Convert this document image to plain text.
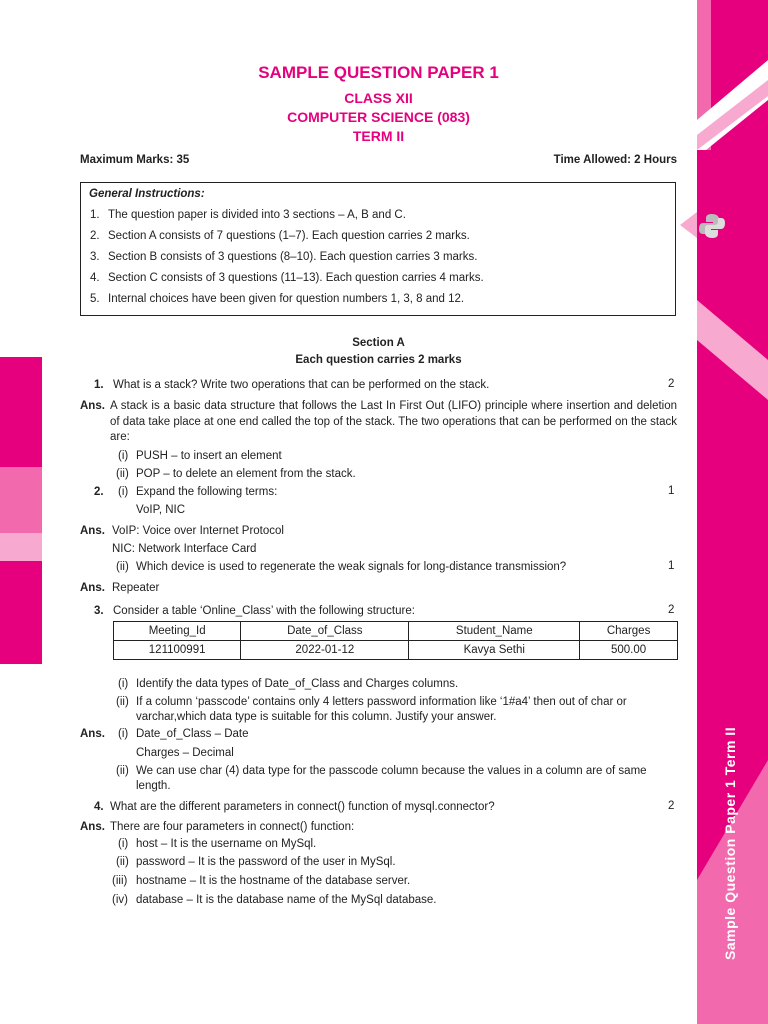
Sample Question Paper 1 Term II
A.1
SAMPLE QUESTION PAPER 1
CLASS XII
COMPUTER SCIENCE (083)
TERM II
Maximum Marks: 35	Time Allowed: 2 Hours
General Instructions:
1. The question paper is divided into 3 sections – A, B and C.
2. Section A consists of 7 questions (1–7). Each question carries 2 marks.
3. Section B consists of 3 questions (8–10). Each question carries 3 marks.
4. Section C consists of 3 questions (11–13). Each question carries 4 marks.
5. Internal choices have been given for question numbers 1, 3, 8 and 12.
Section A
Each question carries 2 marks
1. What is a stack? Write two operations that can be performed on the stack.	2
Ans. A stack is a basic data structure that follows the Last In First Out (LIFO) principle where insertion and deletion of data take place at one end called the top of the stack. The two operations that can be performed on the stack are:
(i) PUSH – to insert an element
(ii) POP – to delete an element from the stack.
2. (i) Expand the following terms:	1
VoIP, NIC
Ans. VoIP: Voice over Internet Protocol
NIC: Network Interface Card
(ii) Which device is used to regenerate the weak signals for long-distance transmission?	1
Ans. Repeater
3. Consider a table ‘Online_Class’ with the following structure:	2
Meeting_Id	Date_of_Class	Student_Name	Charges
121100991	2022-01-12	Kavya Sethi	500.00
(i) Identify the data types of Date_of_Class and Charges columns.
(ii) If a column ‘passcode’ contains only 4 letters password information like ‘1#a4’ then out of char or
varchar,which data type is suitable for this column. Justify your answer.
Ans. (i) Date_of_Class – Date
Charges – Decimal
(ii) We can use char (4) data type for the passcode column because the values in a column are of same
length.
4. What are the different parameters in connect() function of mysql.connector?	2
Ans. There are four parameters in connect() function:
(i) host – It is the username on MySql.
(ii) password – It is the password of the user in MySql.
(iii) hostname – It is the hostname of the database server.
(iv) database – It is the database name of the MySql database.
